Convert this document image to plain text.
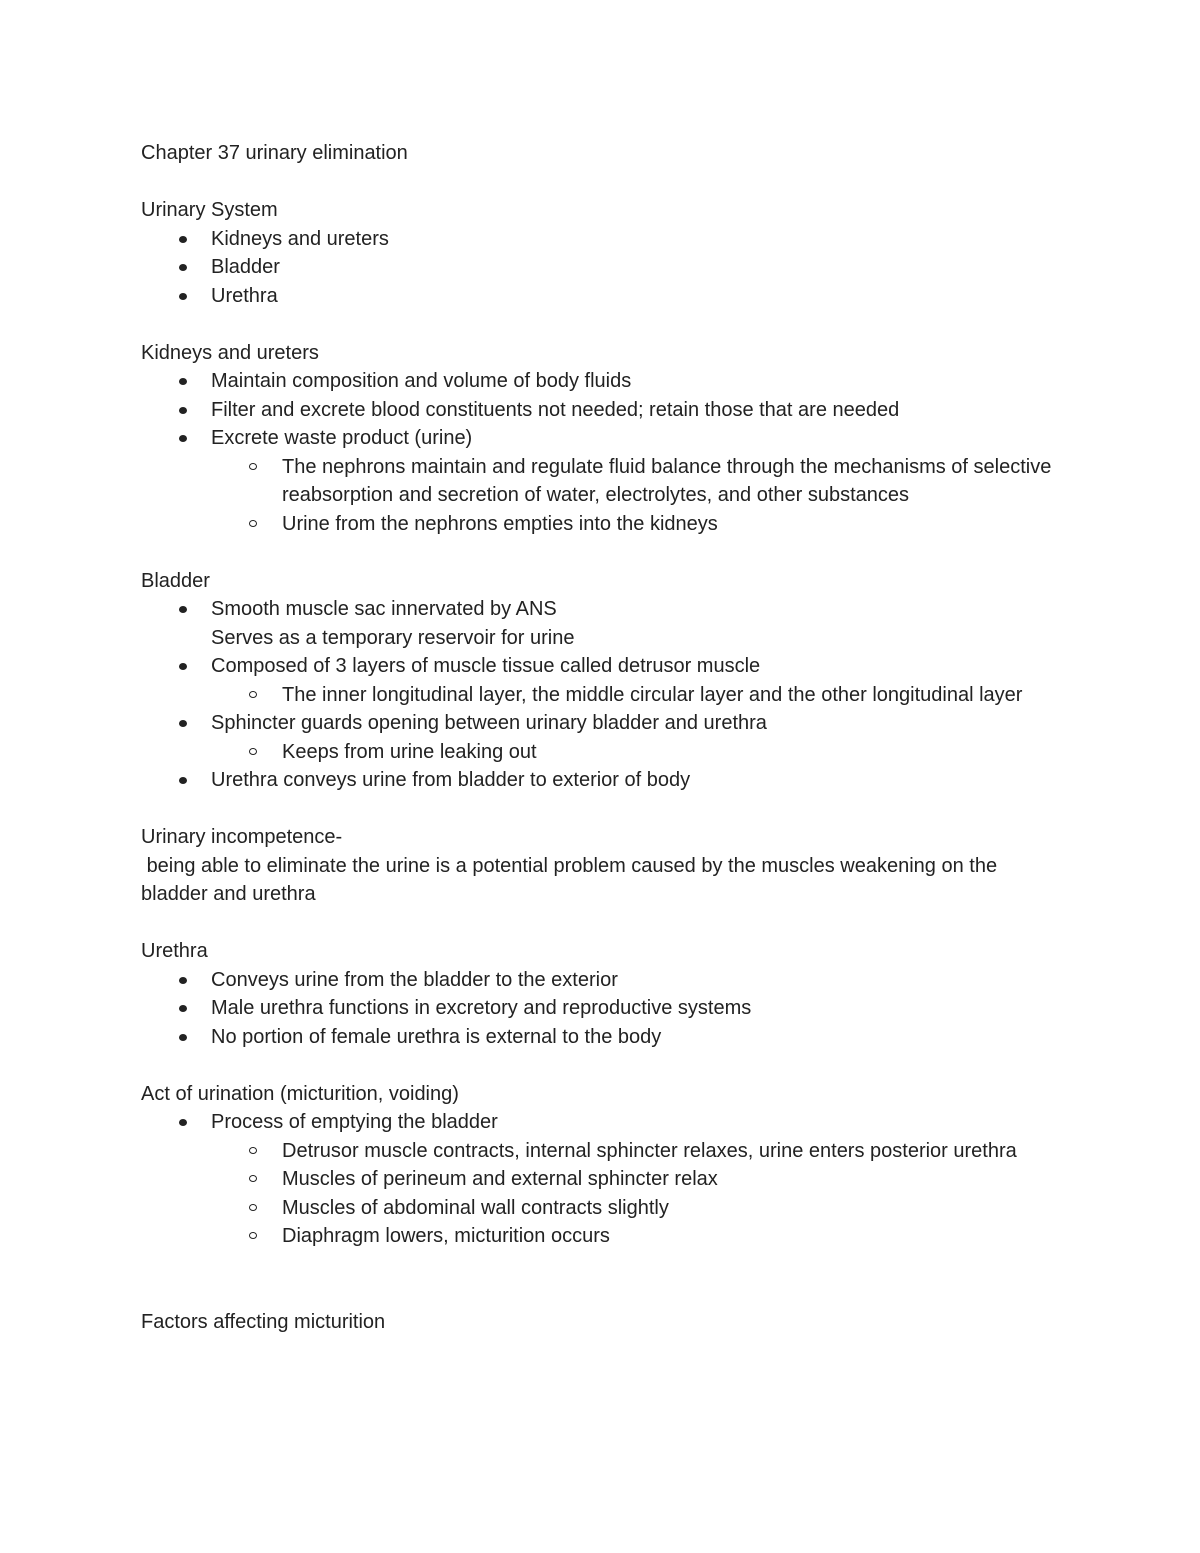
Chapter 37 urinary elimination

Urinary System

Kidneys and ureters
Bladder
Urethra

Kidneys and ureters

Maintain composition and volume of body fluids
Filter and excrete blood constituents not needed; retain those that are needed
Excrete waste product (urine)
The nephrons maintain and regulate fluid balance through the mechanisms of selective reabsorption and secretion of water, electrolytes, and other substances
Urine from the nephrons empties into the kidneys

Bladder

Smooth muscle sac innervated by ANS
Serves as a temporary reservoir for urine
Composed of 3 layers of muscle tissue called detrusor muscle
The inner longitudinal layer, the middle circular layer and the other longitudinal layer
Sphincter guards opening between urinary bladder and urethra
Keeps from urine leaking out
Urethra conveys urine from bladder to exterior of body

Urinary incompetence-

being able to eliminate the urine is a potential problem caused by the muscles weakening on the bladder and urethra

Urethra

Conveys urine from the bladder to the exterior
Male urethra functions in excretory and reproductive systems
No portion of female urethra is external to the body

Act of urination (micturition, voiding)

Process of emptying the bladder
Detrusor muscle contracts, internal sphincter relaxes, urine enters posterior urethra
Muscles of perineum and external sphincter relax
Muscles of abdominal wall contracts slightly
Diaphragm lowers, micturition occurs

Factors affecting micturition
